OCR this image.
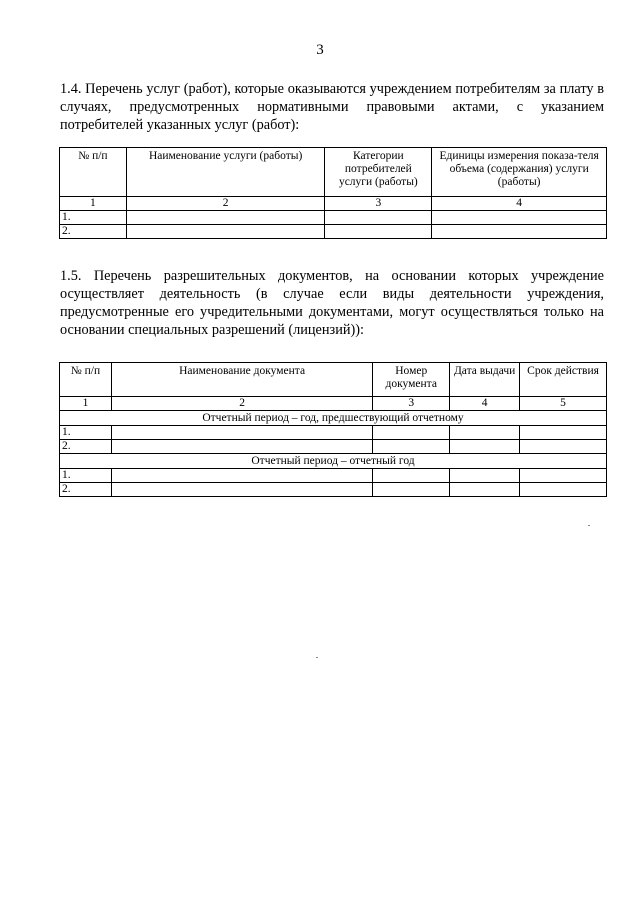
3
1.4. Перечень услуг (работ), которые оказываются учреждением потребителям за плату в случаях, предусмотренных нормативными правовыми актами, с указанием потребителей указанных услуг (работ):
№ п/п	Наименование услуги (работы)	Категории потребителей услуги (работы)	Единицы измерения показа-теля объема (содержания) услуги (работы)
1	2	3	4
1.			
2.			
1.5. Перечень разрешительных документов, на основании которых учреждение осуществляет деятельность (в случае если виды деятельности учреждения, предусмотренные его учредительными документами, могут осуществляться только на основании специальных разрешений (лицензий)):
№ п/п	Наименование документа	Номер документа	Дата выдачи	Срок действия
1	2	3	4	5
Отчетный период – год, предшествующий отчетному				
1.				
2.				
Отчетный период – отчетный год				
1.				
2.				
